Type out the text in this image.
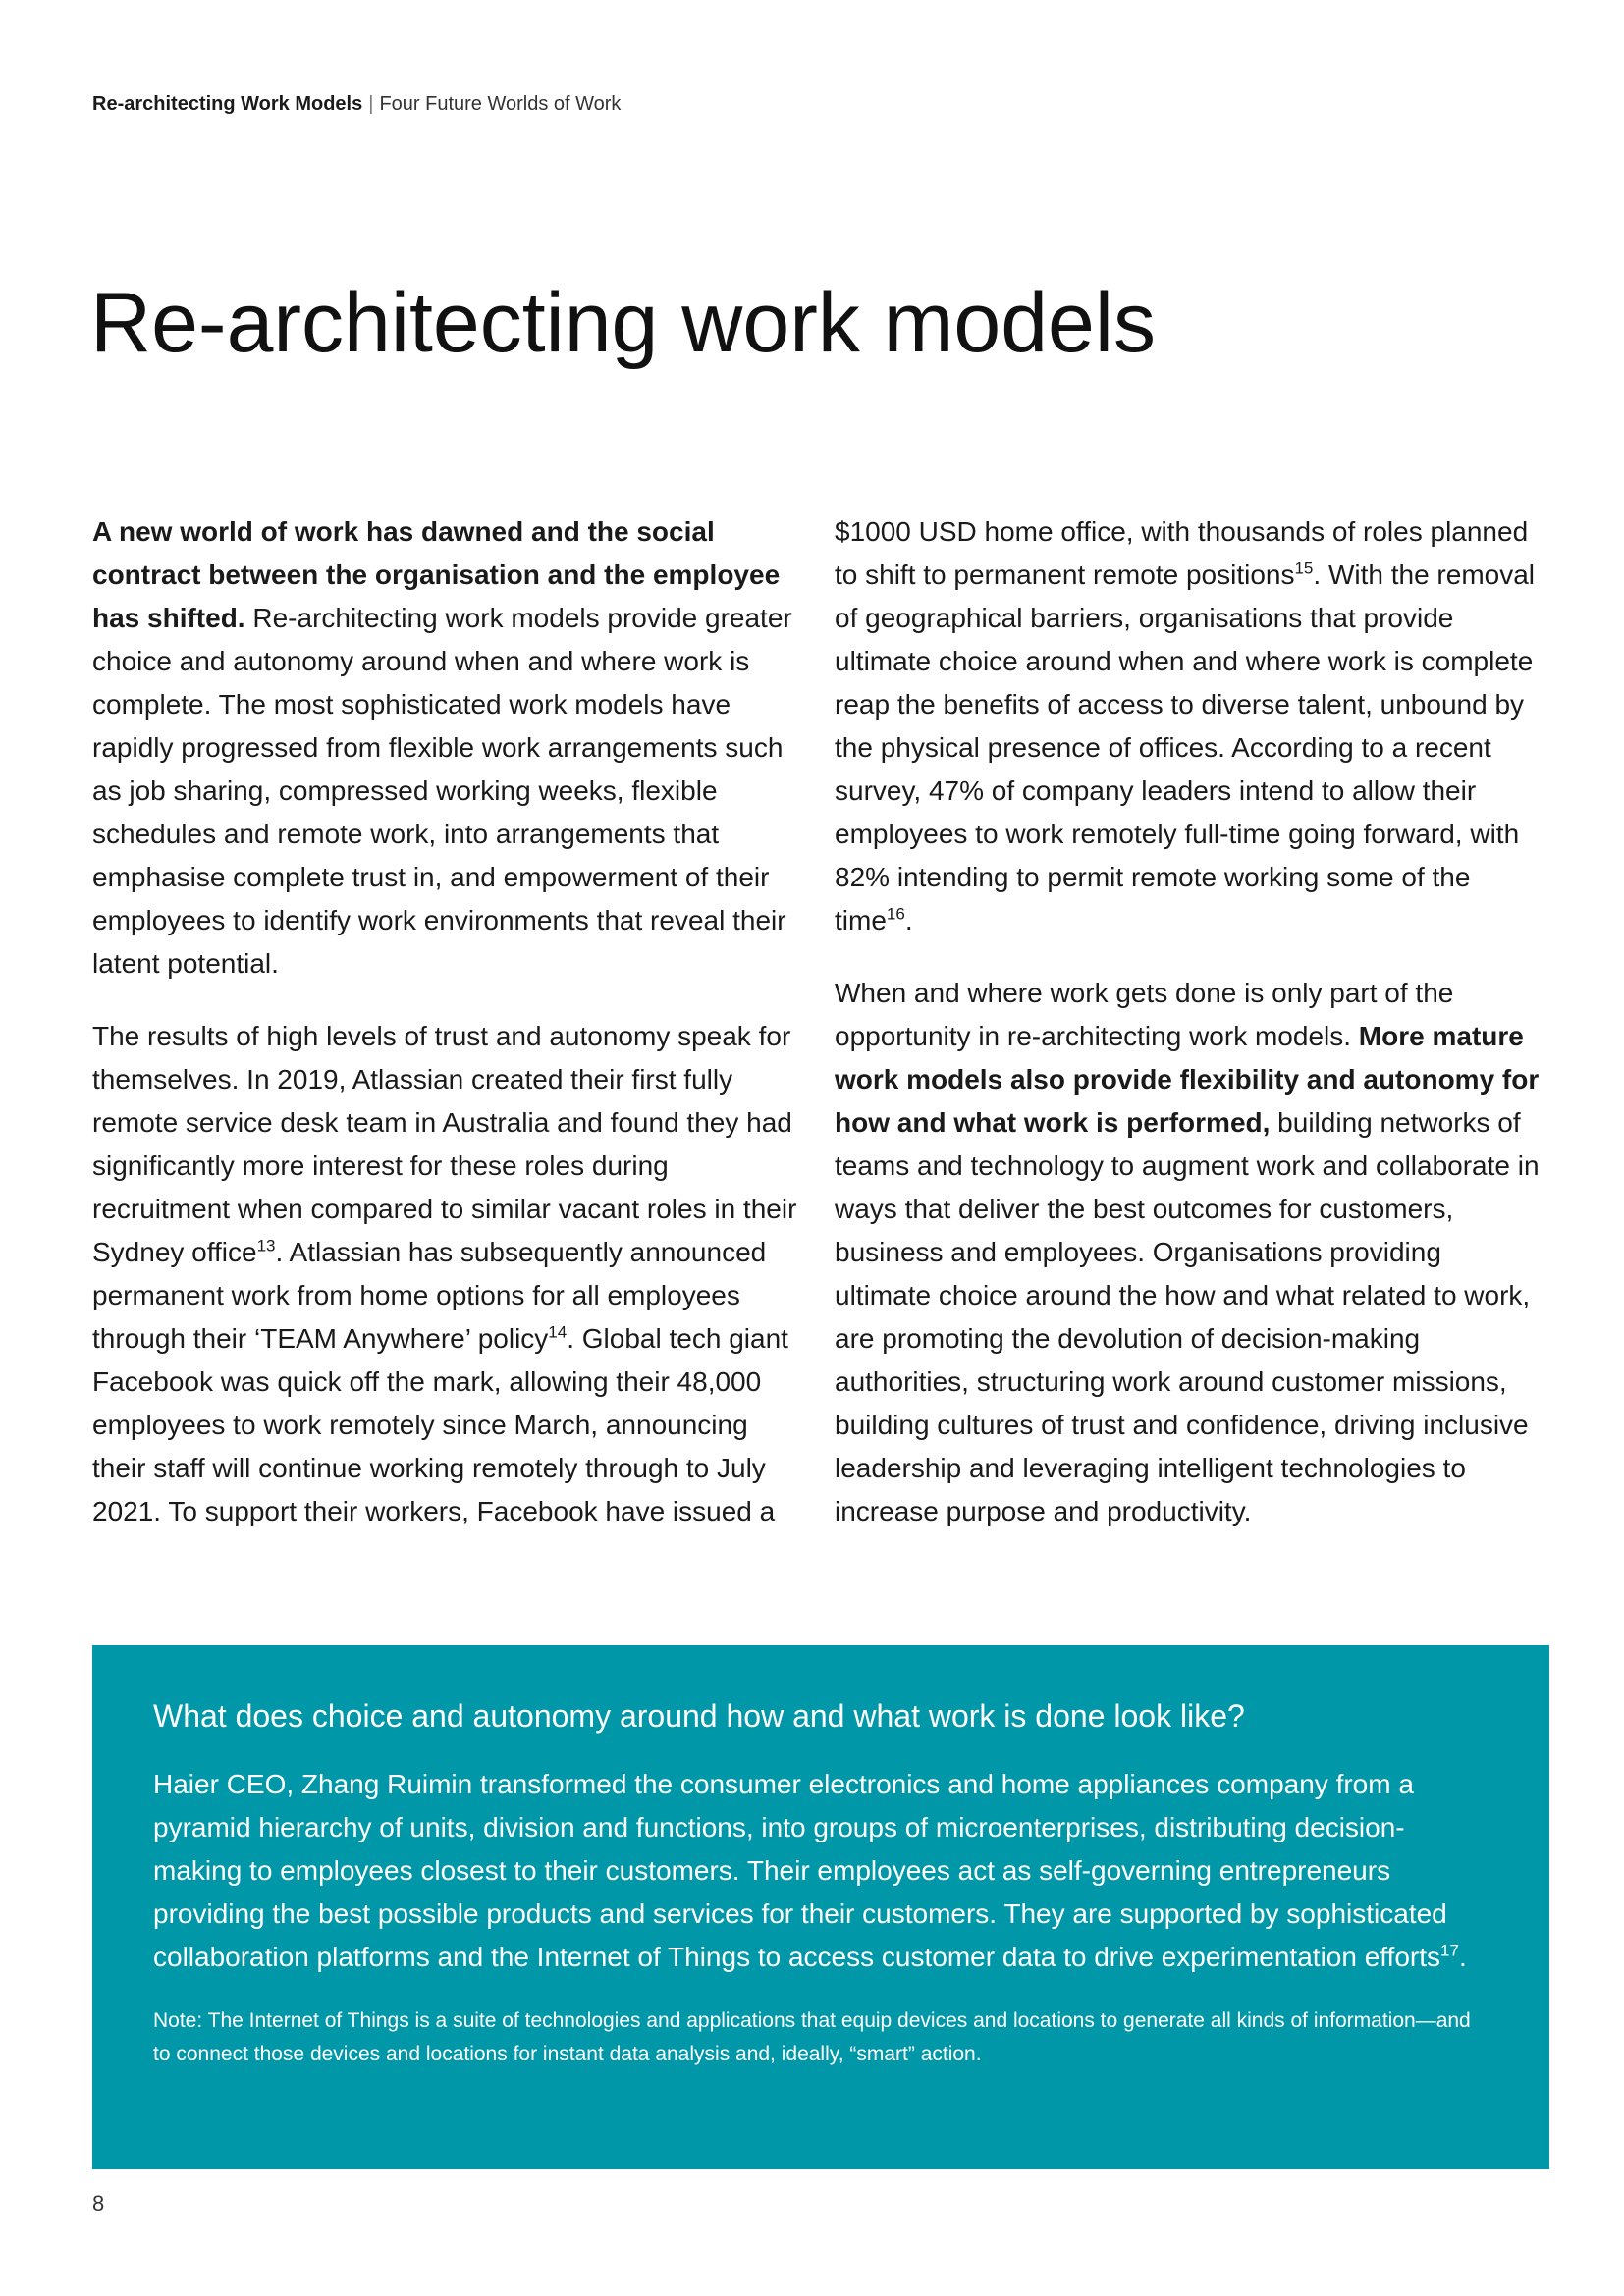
Re-architecting Work Models | Four Future Worlds of Work
Re-architecting work models

A new world of work has dawned and the social contract between the organisation and the employee has shifted. Re-architecting work models provide greater choice and autonomy around when and where work is complete. The most sophisticated work models have rapidly progressed from flexible work arrangements such as job sharing, compressed working weeks, flexible schedules and remote work, into arrangements that emphasise complete trust in, and empowerment of their employees to identify work environments that reveal their latent potential.

The results of high levels of trust and autonomy speak for themselves. In 2019, Atlassian created their first fully remote service desk team in Australia and found they had significantly more interest for these roles during recruitment when compared to similar vacant roles in their Sydney office$^{13}$. Atlassian has subsequently announced permanent work from home options for all employees through their ‘TEAM Anywhere’ policy$^{14}$. Global tech giant Facebook was quick off the mark, allowing their 48,000 employees to work remotely since March, announcing their staff will continue working remotely through to July 2021. To support their workers, Facebook have issued a

$1000 USD home office, with thousands of roles planned to shift to permanent remote positions$^{15}$. With the removal of geographical barriers, organisations that provide ultimate choice around when and where work is complete reap the benefits of access to diverse talent, unbound by the physical presence of offices. According to a recent survey, 47% of company leaders intend to allow their employees to work remotely full-time going forward, with 82% intending to permit remote working some of the time$^{16}$.

When and where work gets done is only part of the opportunity in re-architecting work models. More mature work models also provide flexibility and autonomy for how and what work is performed, building networks of teams and technology to augment work and collaborate in ways that deliver the best outcomes for customers, business and employees. Organisations providing ultimate choice around the how and what related to work, are promoting the devolution of decision-making authorities, structuring work around customer missions, building cultures of trust and confidence, driving inclusive leadership and leveraging intelligent technologies to increase purpose and productivity.

What does choice and autonomy around how and what work is done look like?

Haier CEO, Zhang Ruimin transformed the consumer electronics and home appliances company from a pyramid hierarchy of units, division and functions, into groups of microenterprises, distributing decision-making to employees closest to their customers. Their employees act as self-governing entrepreneurs providing the best possible products and services for their customers. They are supported by sophisticated collaboration platforms and the Internet of Things to access customer data to drive experimentation efforts$^{17}$.

Note: The Internet of Things is a suite of technologies and applications that equip devices and locations to generate all kinds of information—and to connect those devices and locations for instant data analysis and, ideally, “smart” action.

8
